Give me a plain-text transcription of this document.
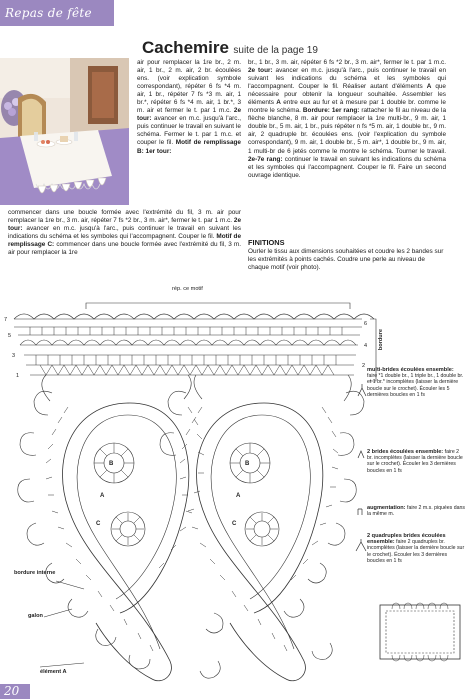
Repas de fête
Cachemire suite de la page 19

air pour remplacer la 1re br., 2 m. air, 1 br., 2 m. air, 2 br. écoulées ens. (voir explication symbole correspondant), répéter 6 fs *4 m. air, 1 br., répéter 7 fs *3 m. air, 1 br.*, répéter 6 fs *4 m. air, 1 br.*, 3 m. air et fermer le t. par 1 m.c. 2e tour: avancer en m.c. jusqu'à l'arc., puis continuer le travail en suivant le schéma. Fermer le t. par 1 m.c. et couper le fil. Motif de remplissage B: 1er tour:

commencer dans une boucle formée avec l'extrémité du fil, 3 m. air pour remplacer la 1re br., 3 m. air, répéter 7 fs *2 br., 3 m. air*, fermer le t. par 1 m.c. 2e tour: avancer en m.c. jusqu'à l'arc., puis continuer le travail en suivant les indications du schéma et les symboles qui l'accompagnent. Couper le fil. Motif de remplissage C: commencer dans une boucle formée avec l'extrémité du fil, 3 m. air pour remplacer la 1re

br., 1 br., 3 m. air, répéter 6 fs *2 br., 3 m. air*, fermer le t. par 1 m.c. 2e tour: avancer en m.c. jusqu'à l'arc., puis continuer le travail en suivant les indications du schéma et les symboles qui l'accompagnent. Couper le fil. Réaliser autant d'éléments A que nécessaire pour obtenir la longueur souhaitée. Assembler les éléments A entre eux au fur et à mesure par 1 double br. comme le montre le schéma. Bordure: 1er rang: rattacher le fil au niveau de la flèche blanche, 8 m. air pour remplacer la 1re multi-br., 9 m. air, 1 double br., 5 m. air, 1 br., puis répéter n fs *5 m. air, 1 double br., 9 m. air, 2 quadruple br. écoulées ens. (voir l'explication du symbole correspondant), 9 m. air, 1 double br., 5 m. air*, 1 double br., 9 m. air, 1 multi-br de 6 jetés comme le montre le schéma. Tourner le travail. 2e-7e rang: continuer le travail en suivant les indications du schéma et les symboles qui l'accompagnent. Couper le fil. Faire un second ouvrage identique.

FINITIONS
Ourler le tissu aux dimensions souhaitées et coudre les 2 bandes sur les extrémités à points cachés. Coudre une perle au niveau de chaque motif (voir photo).
7
6
5
4
3
2
1
B
A
C
B
A
C
rép. ce motif
bordure
bordure interne
galon
élément A
multi-brides écoulées ensemble: faire *1 double br., 1 triple br., 1 double br. et 1 br.* incomplètes (laisser la dernière boucle sur le crochet). Écouler les 5 dernières boucles en 1 fs
2 brides écoulées ensemble: faire 2 br. incomplètes (laisser la dernière boucle sur le crochet). Écouler les 3 dernières boucles en 1 fs
augmentation: faire 2 m.s. piquées dans la même m.
2 quadruples brides écoulées ensemble: faire 2 quadruples br. incomplètes (laisser la dernière boucle sur le crochet). Écouler les 3 dernières boucles en 1 fs
20
